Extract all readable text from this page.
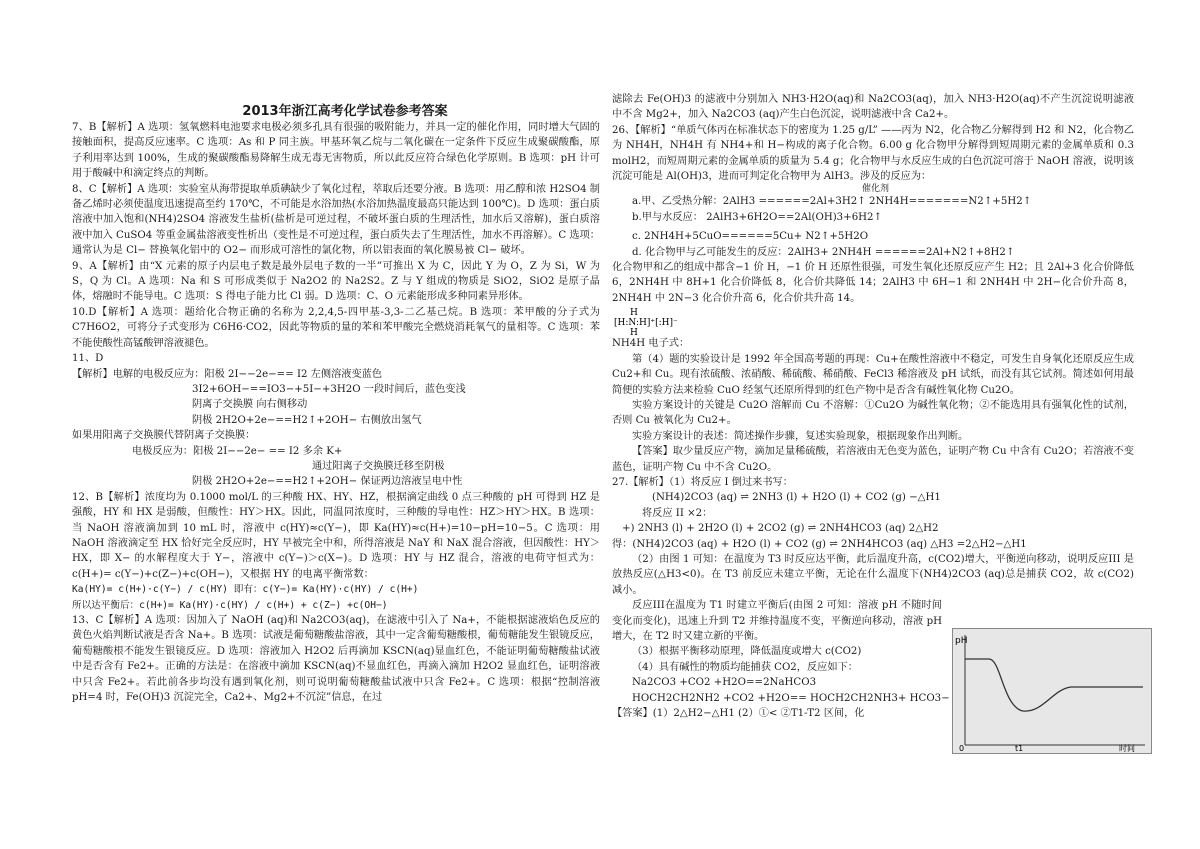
2013年浙江高考化学试卷参考答案

7、B【解析】A 选项：氢氧燃料电池要求电极必须多孔具有很强的吸附能力，并具一定的催化作用，同时增大气固的接触面积，提高反应速率。C 选项：As 和 P 同主族。甲基环氧乙烷与二氧化碳在一定条件下反应生成聚碳酸酯，原子利用率达到 100%，生成的聚碳酸酯易降解生成无毒无害物质，所以此反应符合绿色化学原则。B 选项：pH 计可用于酸碱中和滴定终点的判断。

8、C【解析】A 选项：实验室从海带提取单质碘缺少了氧化过程，萃取后还要分液。B 选项：用乙醇和浓 H2SO4 制备乙烯时必须使温度迅速提高至约 170℃，不可能是水浴加热(水浴加热温度最高只能达到 100℃)。D 选项：蛋白质溶液中加入饱和(NH4)2SO4 溶液发生盐析(盐析是可逆过程，不破坏蛋白质的生理活性，加水后又溶解)，蛋白质溶液中加入 CuSO4 等重金属盐溶液变性析出（变性是不可逆过程，蛋白质失去了生理活性，加水不再溶解）。C 选项：通常认为是 Cl− 替换氧化铝中的 O2− 而形成可溶性的氯化物，所以铝表面的氧化膜易被 Cl− 破坏。

9、A【解析】由“X 元素的原子内层电子数是最外层电子数的一半”可推出 X 为 C，因此 Y 为 O，Z 为 Si，W 为 S，Q 为 Cl。A 选项：Na 和 S 可形成类似于 Na2O2 的 Na2S2。Z 与 Y 组成的物质是 SiO2，SiO2 是原子晶体，熔融时不能导电。C 选项：S 得电子能力比 Cl 弱。D 选项：C、O 元素能形成多种同素异形体。

10.D【解析】A 选项：题给化合物正确的名称为 2,2,4,5-四甲基-3,3-二乙基己烷。B 选项：苯甲酸的分子式为 C7H6O2，可将分子式变形为 C6H6·CO2，因此等物质的量的苯和苯甲酸完全燃烧消耗氧气的量相等。C 选项：苯不能使酸性高锰酸钾溶液褪色。

11、D

【解析】电解的电极反应为：阳极 2I−−2e−== I2 左侧溶液变蓝色

3I2+6OH−==IO3−+5I−+3H2O 一段时间后，蓝色变浅

阴离子交换膜 向右侧移动

阴极 2H2O+2e−==H2↑+2OH− 右侧放出氢气

如果用阳离子交换膜代替阴离子交换膜：

电极反应为：阳极 2I−−2e− == I2 多余 K+

通过阳离子交换膜迁移至阴极

阴极 2H2O+2e−==H2↑+2OH− 保证两边溶液呈电中性

12、B【解析】浓度均为 0.1000 mol/L 的三种酸 HX、HY、HZ，根据滴定曲线 0 点三种酸的 pH 可得到 HZ 是强酸，HY 和 HX 是弱酸，但酸性：HY＞HX。因此，同温同浓度时，三种酸的导电性：HZ＞HY＞HX。B 选项：当 NaOH 溶液滴加到 10 mL 时，溶液中 c(HY)≈c(Y−)，即 Ka(HY)≈c(H+)=10−pH=10−5。C 选项：用 NaOH 溶液滴定至 HX 恰好完全反应时，HY 早被完全中和，所得溶液是 NaY 和 NaX 混合溶液，但因酸性：HY＞HX，即 X− 的水解程度大于 Y−，溶液中 c(Y−)＞c(X−)。D 选项：HY 与 HZ 混合，溶液的电荷守恒式为：c(H+)= c(Y−)+c(Z−)+c(OH−)，又根据 HY 的电离平衡常数：

Ka(HY)= c(H+)·c(Y−) / c(HY) 即有：c(Y−)= Ka(HY)·c(HY) / c(H+)

所以达平衡后：c(H+)= Ka(HY)·c(HY) / c(H+) + c(Z−) +c(OH−)

13、C【解析】A 选项：因加入了 NaOH (aq)和 Na2CO3(aq)，在滤液中引入了 Na+，不能根据滤液焰色反应的黄色火焰判断试液是否含 Na+。B 选项：试液是葡萄糖酸盐溶液，其中一定含葡萄糖酸根，葡萄糖能发生银镜反应，葡萄糖酸根不能发生银镜反应。D 选项：溶液加入 H2O2 后再滴加 KSCN(aq)显血红色，不能证明葡萄糖酸盐试液中是否含有 Fe2+。正确的方法是：在溶液中滴加 KSCN(aq)不显血红色，再滴入滴加 H2O2 显血红色，证明溶液中只含 Fe2+。若此前各步均没有遇到氧化剂，则可说明葡萄糖酸盐试液中只含 Fe2+。C 选项：根据“控制溶液 pH=4 时，Fe(OH)3 沉淀完全，Ca2+、Mg2+不沉淀”信息，在过

滤除去 Fe(OH)3 的滤液中分别加入 NH3·H2O(aq)和 Na2CO3(aq)，加入 NH3·H2O(aq)不产生沉淀说明滤液中不含 Mg2+，加入 Na2CO3 (aq)产生白色沉淀，说明滤液中含 Ca2+。

26、【解析】“单质气体丙在标准状态下的密度为 1.25 g/L” ——丙为 N2，化合物乙分解得到 H2 和 N2，化合物乙为 NH4H，NH4H 有 NH4+和 H−构成的离子化合物。6.00 g 化合物甲分解得到短周期元素的金属单质和 0.3 molH2，而短周期元素的金属单质的质量为 5.4 g；化合物甲与水反应生成的白色沉淀可溶于 NaOH 溶液，说明该沉淀可能是 Al(OH)3，进而可判定化合物甲为 AlH3。涉及的反应为：

催化剂

a.甲、乙受热分解：2AlH3 ======2Al+3H2↑ 2NH4H=======N2↑+5H2↑

b.甲与水反应： 2AlH3+6H2O==2Al(OH)3+6H2↑

c. 2NH4H+5CuO======5Cu+ N2↑+5H2O

d. 化合物甲与乙可能发生的反应：2AlH3+ 2NH4H ======2Al+N2↑+8H2↑

化合物甲和乙的组成中都含−1 价 H，−1 价 H 还原性很强，可发生氧化还原反应产生 H2；且 2Al+3 化合价降低 6，2NH4H 中 8H+1 化合价降低 8，化合价共降低 14；2AlH3 中 6H−1 和 2NH4H 中 2H−化合价升高 8，2NH4H 中 2N−3 化合价升高 6，化合价共升高 14。

H
[H:N:H]⁺[:H]⁻
H

NH4H 电子式：

第（4）题的实验设计是 1992 年全国高考题的再现：Cu+在酸性溶液中不稳定，可发生自身氧化还原反应生成 Cu2+和 Cu。现有浓硫酸、浓硝酸、稀硫酸、稀硝酸、FeCl3 稀溶液及 pH 试纸，而没有其它试剂。简述如何用最简便的实验方法来检验 CuO 经氢气还原所得到的红色产物中是否含有碱性氧化物 Cu2O。

实验方案设计的关键是 Cu2O 溶解而 Cu 不溶解：①Cu2O 为碱性氧化物；②不能选用具有强氧化性的试剂，否则 Cu 被氧化为 Cu2+。

实验方案设计的表述：简述操作步骤，复述实验现象，根据现象作出判断。

【答案】取少量反应产物，滴加足量稀硫酸，若溶液由无色变为蓝色，证明产物 Cu 中含有 Cu2O；若溶液不变蓝色，证明产物 Cu 中不含 Cu2O。

27.【解析】（1）将反应 I 倒过来书写：

(NH4)2CO3 (aq) ⇌ 2NH3 (l) + H2O (l) + CO2 (g) −△H1

将反应 II ×2：

+) 2NH3 (l) + 2H2O (l) + 2CO2 (g) ⇌ 2NH4HCO3 (aq) 2△H2

得：(NH4)2CO3 (aq) + H2O (l) + CO2 (g) ⇌ 2NH4HCO3 (aq) △H3 =2△H2−△H1

（2）由图 1 可知：在温度为 T3 时反应达平衡，此后温度升高，c(CO2)增大，平衡逆向移动，说明反应III 是放热反应(△H3<0)。在 T3 前反应未建立平衡，无论在什么温度下(NH4)2CO3 (aq)总是捕获 CO2，故 c(CO2)减小。

反应III在温度为 T1 时建立平衡后(由图 2 可知：溶液 pH 不随时间变化而变化)，迅速上升到 T2 并维持温度不变，平衡逆向移动，溶液 pH 增大，在 T2 时又建立新的平衡。

（3）根据平衡移动原理，降低温度或增大 c(CO2)

（4）具有碱性的物质均能捕获 CO2，反应如下：

Na2CO3 +CO2 +H2O==2NaHCO3

HOCH2CH2NH2 +CO2 +H2O== HOCH2CH2NH3+ HCO3−

【答案】(1）2△H2−△H1 (2）①< ②T1-T2 区间，化

pH
0	t1	时间
